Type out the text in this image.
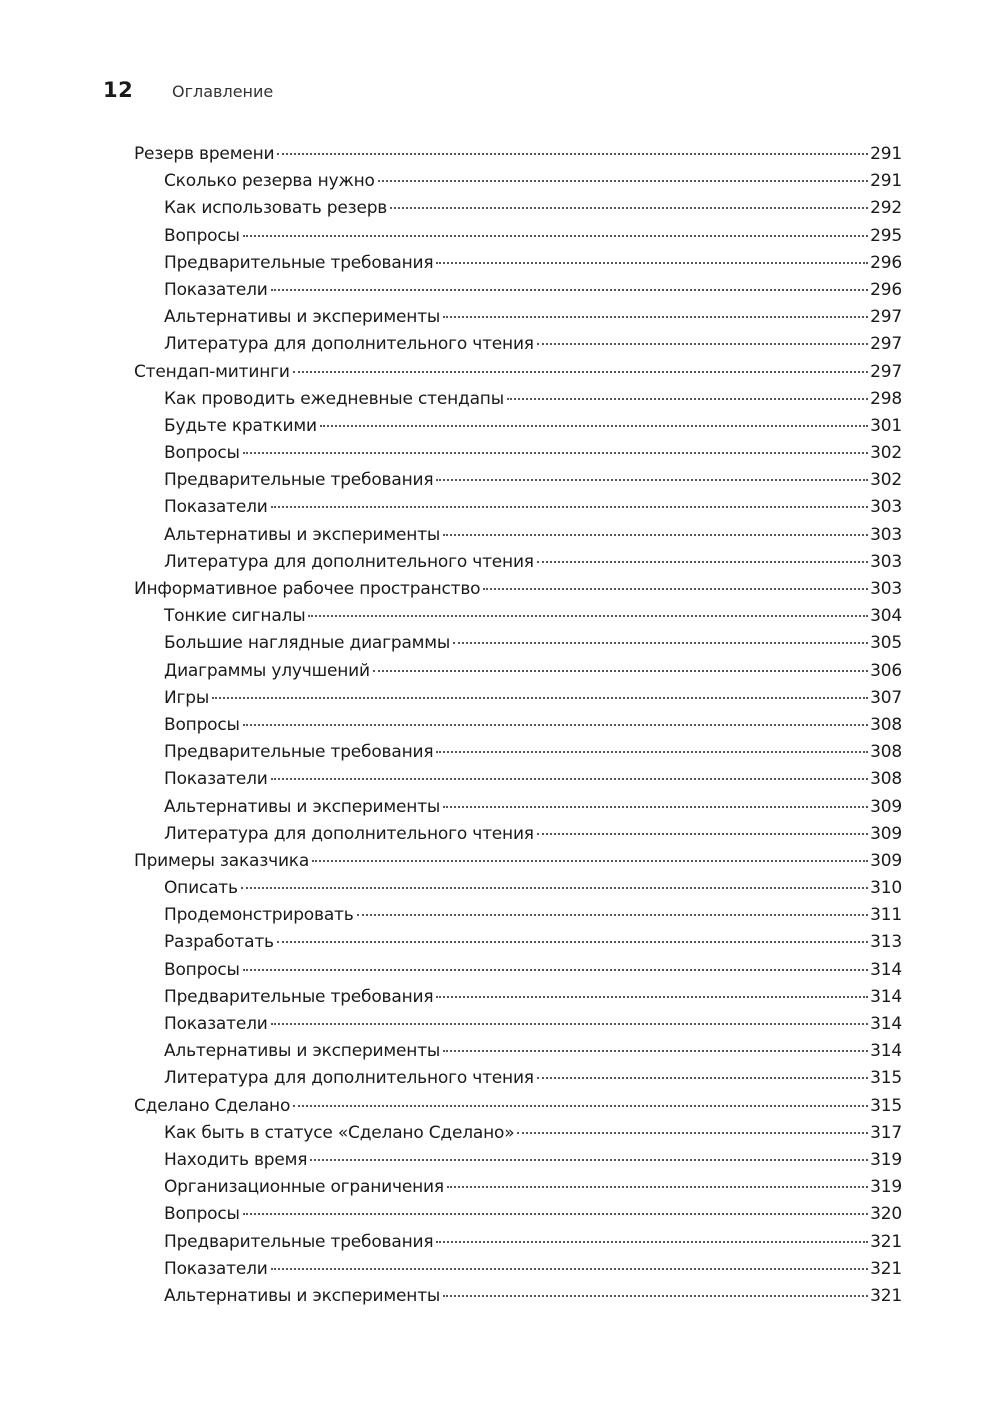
12 Оглавление
Резерв времени	291
Сколько резерва нужно	291
Как использовать резерв	292
Вопросы	295
Предварительные требования	296
Показатели	296
Альтернативы и эксперименты	297
Литература для дополнительного чтения	297
Стендап-митинги	297
Как проводить ежедневные стендапы	298
Будьте краткими	301
Вопросы	302
Предварительные требования	302
Показатели	303
Альтернативы и эксперименты	303
Литература для дополнительного чтения	303
Информативное рабочее пространство	303
Тонкие сигналы	304
Большие наглядные диаграммы	305
Диаграммы улучшений	306
Игры	307
Вопросы	308
Предварительные требования	308
Показатели	308
Альтернативы и эксперименты	309
Литература для дополнительного чтения	309
Примеры заказчика	309
Описать	310
Продемонстрировать	311
Разработать	313
Вопросы	314
Предварительные требования	314
Показатели	314
Альтернативы и эксперименты	314
Литература для дополнительного чтения	315
Сделано Сделано	315
Как быть в статусе «Сделано Сделано»	317
Находить время	319
Организационные ограничения	319
Вопросы	320
Предварительные требования	321
Показатели	321
Альтернативы и эксперименты	321
